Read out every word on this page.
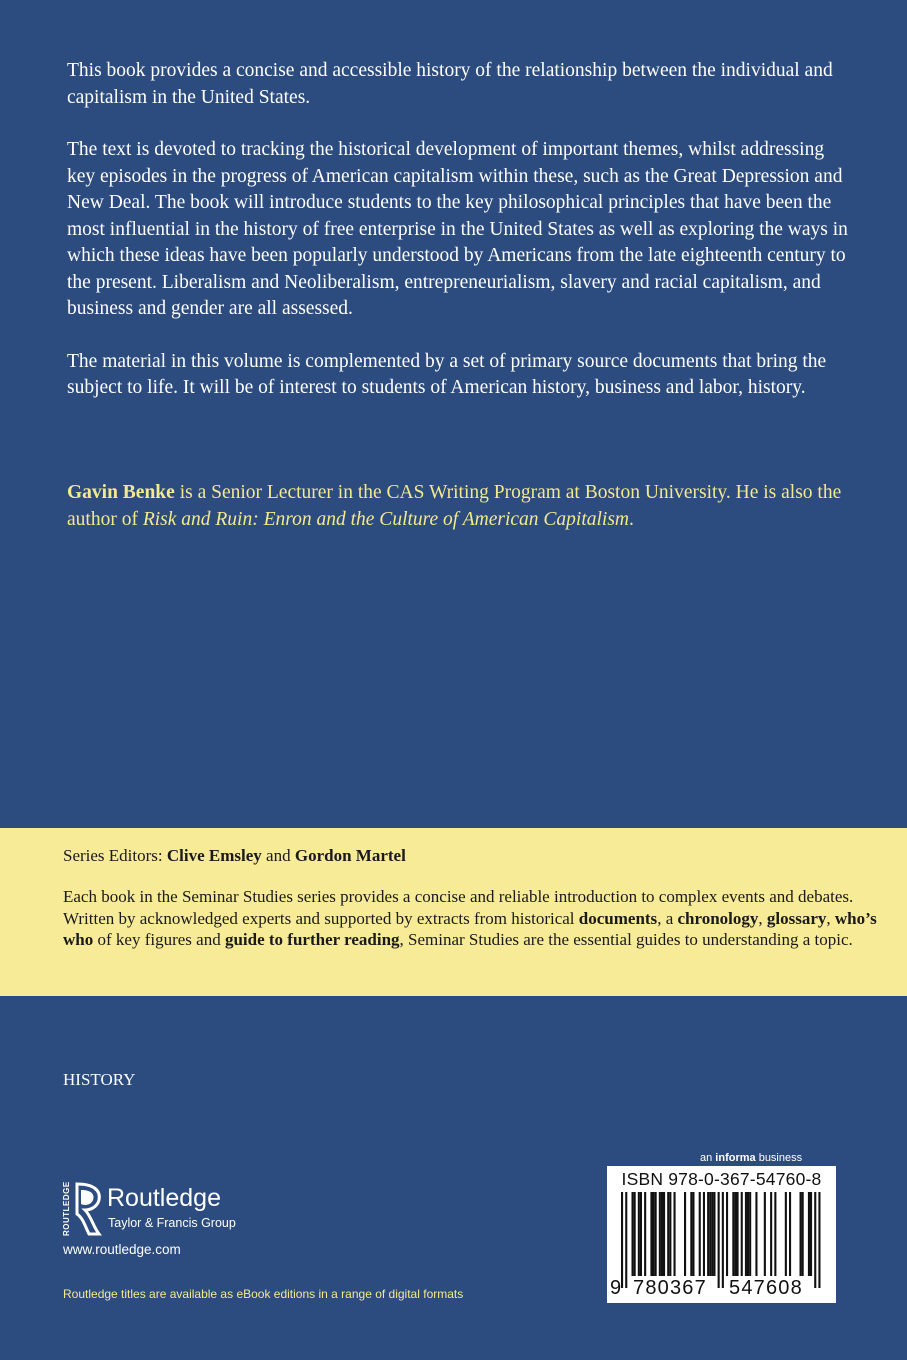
This book provides a concise and accessible history of the relationship between the individual and capitalism in the United States.

The text is devoted to tracking the historical development of important themes, whilst addressing key episodes in the progress of American capitalism within these, such as the Great Depression and New Deal. The book will introduce students to the key philosophical principles that have been the most influential in the history of free enterprise in the United States as well as exploring the ways in which these ideas have been popularly understood by Americans from the late eighteenth century to the present. Liberalism and Neoliberalism, entrepreneurialism, slavery and racial capitalism, and business and gender are all assessed.

The material in this volume is complemented by a set of primary source documents that bring the subject to life. It will be of interest to students of American history, business and labor, history.

Gavin Benke is a Senior Lecturer in the CAS Writing Program at Boston University. He is also the author of Risk and Ruin: Enron and the Culture of American Capitalism.
Series Editors: Clive Emsley and Gordon Martel
Each book in the Seminar Studies series provides a concise and reliable introduction to complex events and debates. Written by acknowledged experts and supported by extracts from historical documents, a chronology, glossary, who’s who of key figures and guide to further reading, Seminar Studies are the essential guides to understanding a topic.
HISTORY
ROUTLEDGE Routledge
Taylor & Francis Group
www.routledge.com
Routledge titles are available as eBook editions in a range of digital formats
an informa business
ISBN 978-0-367-54760-8
9 780367 547608
